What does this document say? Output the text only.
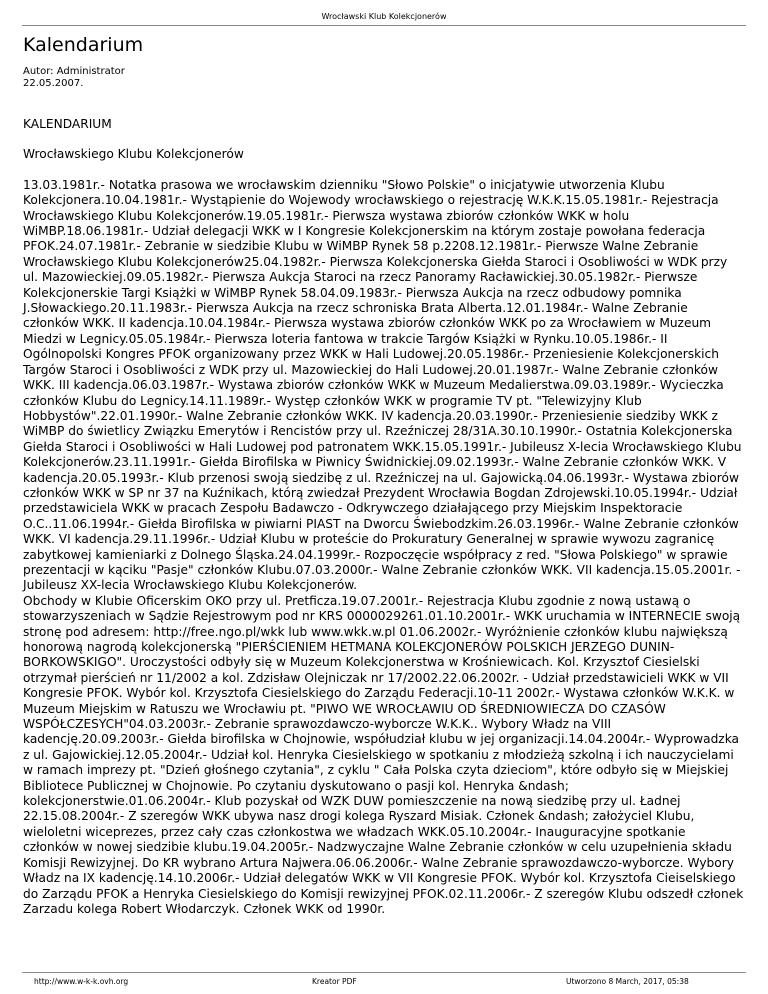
Wrocławski Klub Kolekcjonerów
Kalendarium
Autor: Administrator
22.05.2007.

KALENDARIUM

Wrocławskiego Klubu Kolekcjonerów

13.03.1981r.- Notatka prasowa we wrocławskim dzienniku "Słowo Polskie" o inicjatywie utworzenia Klubu Kolekcjonera.10.04.1981r.- Wystąpienie do Wojewody wrocławskiego o rejestrację W.K.K.15.05.1981r.- Rejestracja Wrocławskiego Klubu Kolekcjonerów.19.05.1981r.- Pierwsza wystawa zbiorów członków WKK w holu WiMBP.18.06.1981r.- Udział delegacji WKK w I Kongresie Kolekcjonerskim na którym zostaje powołana federacja PFOK.24.07.1981r.- Zebranie w siedzibie Klubu w WiMBP Rynek 58 p.2208.12.1981r.- Pierwsze Walne Zebranie Wrocławskiego Klubu Kolekcjonerów25.04.1982r.- Pierwsza Kolekcjonerska Giełda Staroci i Osobliwości w WDK przy ul. Mazowieckiej.09.05.1982r.- Pierwsza Aukcja Staroci na rzecz Panoramy Racławickiej.30.05.1982r.- Pierwsze Kolekcjonerskie Targi Książki w WiMBP Rynek 58.04.09.1983r.- Pierwsza Aukcja na rzecz odbudowy pomnika J.Słowackiego.20.11.1983r.- Pierwsza Aukcja na rzecz schroniska Brata Alberta.12.01.1984r.- Walne Zebranie członków WKK. II kadencja.10.04.1984r.- Pierwsza wystawa zbiorów członków WKK po za Wrocławiem w Muzeum Miedzi w Legnicy.05.05.1984r.- Pierwsza loteria fantowa w trakcie Targów Książki w Rynku.10.05.1986r.- II Ogólnopolski Kongres PFOK organizowany przez WKK w Hali Ludowej.20.05.1986r.- Przeniesienie Kolekcjonerskich Targów Staroci i Osobliwości z WDK przy ul. Mazowieckiej do Hali Ludowej.20.01.1987r.- Walne Zebranie członków WKK. III kadencja.06.03.1987r.- Wystawa zbiorów członków WKK w Muzeum Medalierstwa.09.03.1989r.- Wycieczka członków Klubu do Legnicy.14.11.1989r.- Występ członków WKK w programie TV pt. "Telewizyjny Klub Hobbystów".22.01.1990r.- Walne Zebranie członków WKK. IV kadencja.20.03.1990r.- Przeniesienie siedziby WKK z WiMBP do świetlicy Związku Emerytów i Rencistów przy ul. Rzeźniczej 28/31A.30.10.1990r.- Ostatnia Kolekcjonerska Giełda Staroci i Osobliwości w Hali Ludowej pod patronatem WKK.15.05.1991r.- Jubileusz X-lecia Wrocławskiego Klubu Kolekcjonerów.23.11.1991r.- Giełda Birofilska w Piwnicy Świdnickiej.09.02.1993r.- Walne Zebranie członków WKK. V kadencja.20.05.1993r.- Klub przenosi swoją siedzibę z ul. Rzeźniczej na ul. Gajowicką.04.06.1993r.- Wystawa zbiorów członków WKK w SP nr 37 na Kuźnikach, którą zwiedzał Prezydent Wrocławia Bogdan Zdrojewski.10.05.1994r.- Udział przedstawiciela WKK w pracach Zespołu Badawczo - Odkrywczego działającego przy Miejskim Inspektoracie O.C..11.06.1994r.- Giełda Birofilska w piwiarni PIAST na Dworcu Świebodzkim.26.03.1996r.- Walne Zebranie członków WKK. VI kadencja.29.11.1996r.- Udział Klubu w proteście do Prokuratury Generalnej w sprawie wywozu zagranicę zabytkowej kamieniarki z Dolnego Śląska.24.04.1999r.- Rozpoczęcie współpracy z red. "Słowa Polskiego" w sprawie prezentacji w kąciku "Pasje" członków Klubu.07.03.2000r.- Walne Zebranie członków WKK. VII kadencja.15.05.2001r. - Jubileusz XX-lecia Wrocławskiego Klubu Kolekcjonerów.
Obchody w Klubie Oficerskim OKO przy ul. Pretficza.19.07.2001r.- Rejestracja Klubu zgodnie z nową ustawą o stowarzyszeniach w Sądzie Rejestrowym pod nr KRS 0000029261.01.10.2001r.- WKK uruchamia w INTERNECIE swoją stronę pod adresem: http://free.ngo.pl/wkk lub www.wkk.w.pl 01.06.2002r.- Wyróżnienie członków klubu największą honorową nagrodą kolekcjonerską "PIERŚCIENIEM HETMANA KOLEKCJONERÓW POLSKICH JERZEGO DUNIN-BORKOWSKIGO". Uroczystości odbyły się w Muzeum Kolekcjonerstwa w Krośniewicach. Kol. Krzysztof Ciesielski otrzymał pierścień nr 11/2002 a kol. Zdzisław Olejniczak nr 17/2002.22.06.2002r. - Udział przedstawicieli WKK w VII Kongresie PFOK. Wybór kol. Krzysztofa Ciesielskiego do Zarządu Federacji.10-11 2002r.- Wystawa członków W.K.K. w Muzeum Miejskim w Ratuszu we Wrocławiu pt. "PIWO WE WROCŁAWIU OD ŚREDNIOWIECZA DO CZASÓW WSPÓŁCZESYCH"04.03.2003r.- Zebranie sprawozdawczo-wyborcze W.K.K.. Wybory Władz na VIII kadencję.20.09.2003r.- Giełda birofilska w Chojnowie, współudział klubu w jej organizacji.14.04.2004r.- Wyprowadzka z ul. Gajowickiej.12.05.2004r.- Udział kol. Henryka Ciesielskiego w spotkaniu z młodzieżą szkolną i ich nauczycielami w ramach imprezy pt. "Dzień głośnego czytania", z cyklu " Cała Polska czyta dzieciom", które odbyło się w Miejskiej Bibliotece Publicznej w Chojnowie. Po czytaniu dyskutowano o pasji kol. Henryka &ndash; kolekcjonerstwie.01.06.2004r.- Klub pozyskał od WZK DUW pomieszczenie na nową siedzibę przy ul. Ładnej 22.15.08.2004r.- Z szeregów WKK ubywa nasz drogi kolega Ryszard Misiak. Członek &ndash; założyciel Klubu, wieloletni wiceprezes, przez cały czas członkostwa we władzach WKK.05.10.2004r.- Inauguracyjne spotkanie członków w nowej siedzibie klubu.19.04.2005r.- Nadzwyczajne Walne Zebranie członków w celu uzupełnienia składu Komisji Rewizyjnej. Do KR wybrano Artura Najwera.06.06.2006r.- Walne Zebranie sprawozdawczo-wyborcze. Wybory Władz na IX kadencję.14.10.2006r.- Udział delegatów WKK w VII Kongresie PFOK. Wybór kol. Krzysztofa Cieiselskiego do Zarządu PFOK a Henryka Ciesielskiego do Komisji rewizyjnej PFOK.02.11.2006r.- Z szeregów Klubu odszedł członek Zarzadu kolega Robert Włodarczyk. Członek WKK od 1990r.

http://www.w-k-k.ovh.org	Kreator PDF	Utworzono 8 March, 2017, 05:38
